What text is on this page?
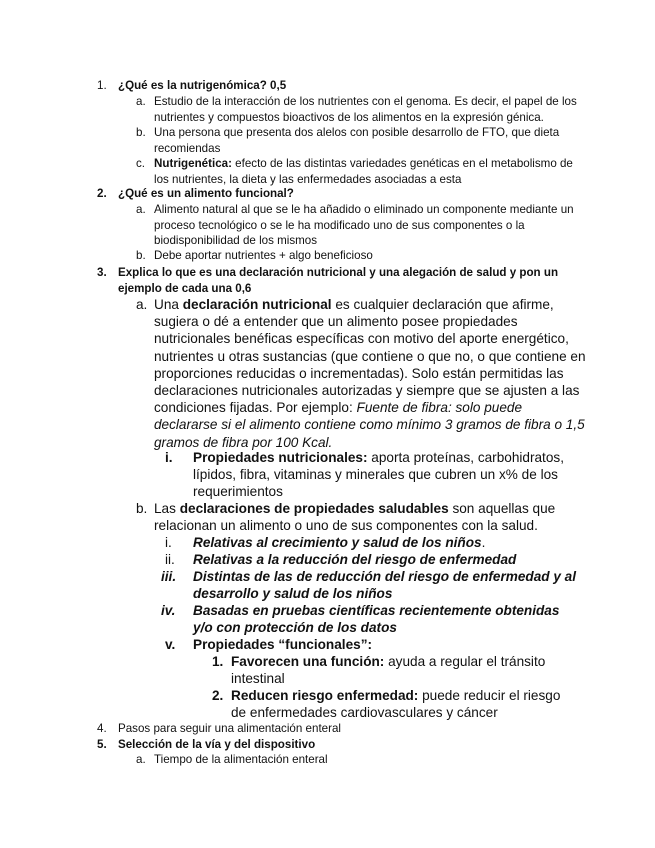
1. ¿Qué es la nutrigenómica? 0,5
a. Estudio de la interacción de los nutrientes con el genoma. Es decir, el papel de los nutrientes y compuestos bioactivos de los alimentos en la expresión génica.
b. Una persona que presenta dos alelos con posible desarrollo de FTO, que dieta recomiendas
c. Nutrigenética: efecto de las distintas variedades genéticas en el metabolismo de los nutrientes, la dieta y las enfermedades asociadas a esta
2. ¿Qué es un alimento funcional?
a. Alimento natural al que se le ha añadido o eliminado un componente mediante un proceso tecnológico o se le ha modificado uno de sus componentes o la biodisponibilidad de los mismos
b. Debe aportar nutrientes + algo beneficioso
3. Explica lo que es una declaración nutricional y una alegación de salud y pon un ejemplo de cada una 0,6
a. Una declaración nutricional es cualquier declaración que afirme, sugiera o dé a entender que un alimento posee propiedades nutricionales benéficas específicas con motivo del aporte energético, nutrientes u otras sustancias (que contiene o que no, o que contiene en proporciones reducidas o incrementadas). Solo están permitidas las declaraciones nutricionales autorizadas y siempre que se ajusten a las condiciones fijadas. Por ejemplo: Fuente de fibra: solo puede declararse si el alimento contiene como mínimo 3 gramos de fibra o 1,5 gramos de fibra por 100 Kcal.
i. Propiedades nutricionales: aporta proteínas, carbohidratos, lípidos, fibra, vitaminas y minerales que cubren un x% de los requerimientos
b. Las declaraciones de propiedades saludables son aquellas que relacionan un alimento o uno de sus componentes con la salud.
i. Relativas al crecimiento y salud de los niños.
ii. Relativas a la reducción del riesgo de enfermedad
iii. Distintas de las de reducción del riesgo de enfermedad y al desarrollo y salud de los niños
iv. Basadas en pruebas científicas recientemente obtenidas y/o con protección de los datos
v. Propiedades “funcionales”:
1. Favorecen una función: ayuda a regular el tránsito intestinal
2. Reducen riesgo enfermedad: puede reducir el riesgo de enfermedades cardiovasculares y cáncer
4. Pasos para seguir una alimentación enteral
5. Selección de la vía y del dispositivo
a. Tiempo de la alimentación enteral
